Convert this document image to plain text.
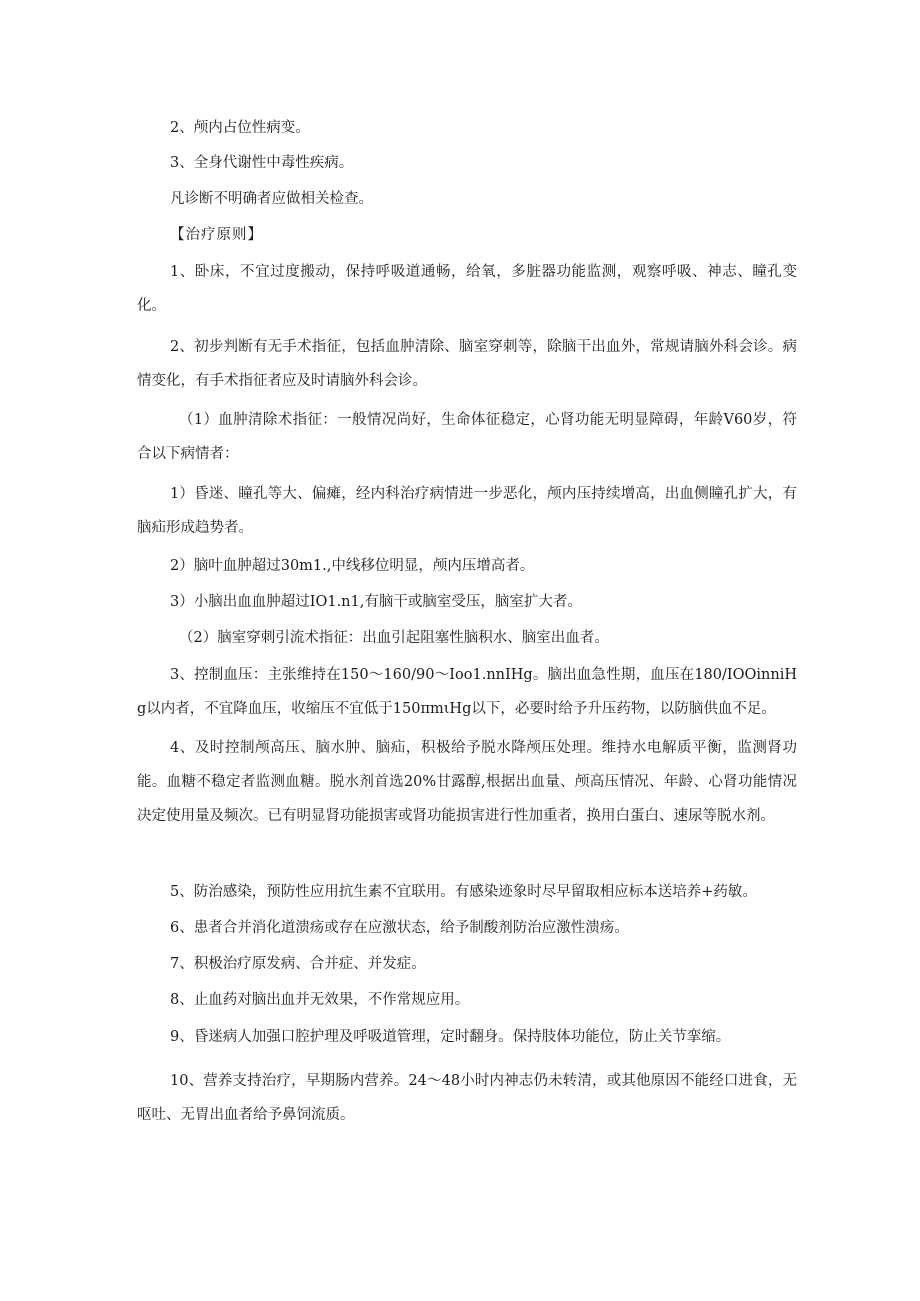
2、颅内占位性病变。

3、全身代谢性中毒性疾病。

凡诊断不明确者应做相关检查。

【治疗原则】

1、卧床，不宜过度搬动，保持呼吸道通畅，给氧，多脏器功能监测，观察呼吸、神志、瞳孔变化。

2、初步判断有无手术指征，包括血肿清除、脑室穿刺等，除脑干出血外，常规请脑外科会诊。病情变化，有手术指征者应及时请脑外科会诊。

（1）血肿清除术指征：一般情况尚好，生命体征稳定，心肾功能无明显障碍，年龄V60岁，符合以下病情者：

1）昏迷、瞳孔等大、偏瘫，经内科治疗病情进一步恶化，颅内压持续增高，出血侧瞳孔扩大，有脑疝形成趋势者。

2）脑叶血肿超过30m1.,中线移位明显，颅内压增高者。

3）小脑出血血肿超过IO1.n1,有脑干或脑室受压，脑室扩大者。

（2）脑室穿刺引流术指征：出血引起阻塞性脑积水、脑室出血者。

3、控制血压：主张维持在150～160/90～Ioo1.nnIHg。脑出血急性期，血压在180/IOOinniHg以内者，不宜降血压，收缩压不宜低于150πmιHg以下，必要时给予升压药物，以防脑供血不足。

4、及时控制颅高压、脑水肿、脑疝，积极给予脱水降颅压处理。维持水电解质平衡，监测肾功能。血糖不稳定者监测血糖。脱水剂首选20%甘露醇,根据出血量、颅高压情况、年龄、心肾功能情况决定使用量及频次。已有明显肾功能损害或肾功能损害进行性加重者，换用白蛋白、速尿等脱水剂。

5、防治感染，预防性应用抗生素不宜联用。有感染迹象时尽早留取相应标本送培养+药敏。

6、患者合并消化道溃疡或存在应激状态，给予制酸剂防治应激性溃疡。

7、积极治疗原发病、合并症、并发症。

8、止血药对脑出血并无效果，不作常规应用。

9、昏迷病人加强口腔护理及呼吸道管理，定时翻身。保持肢体功能位，防止关节挛缩。

10、营养支持治疗，早期肠内营养。24～48小时内神志仍未转清，或其他原因不能经口进食，无呕吐、无胃出血者给予鼻饲流质。
